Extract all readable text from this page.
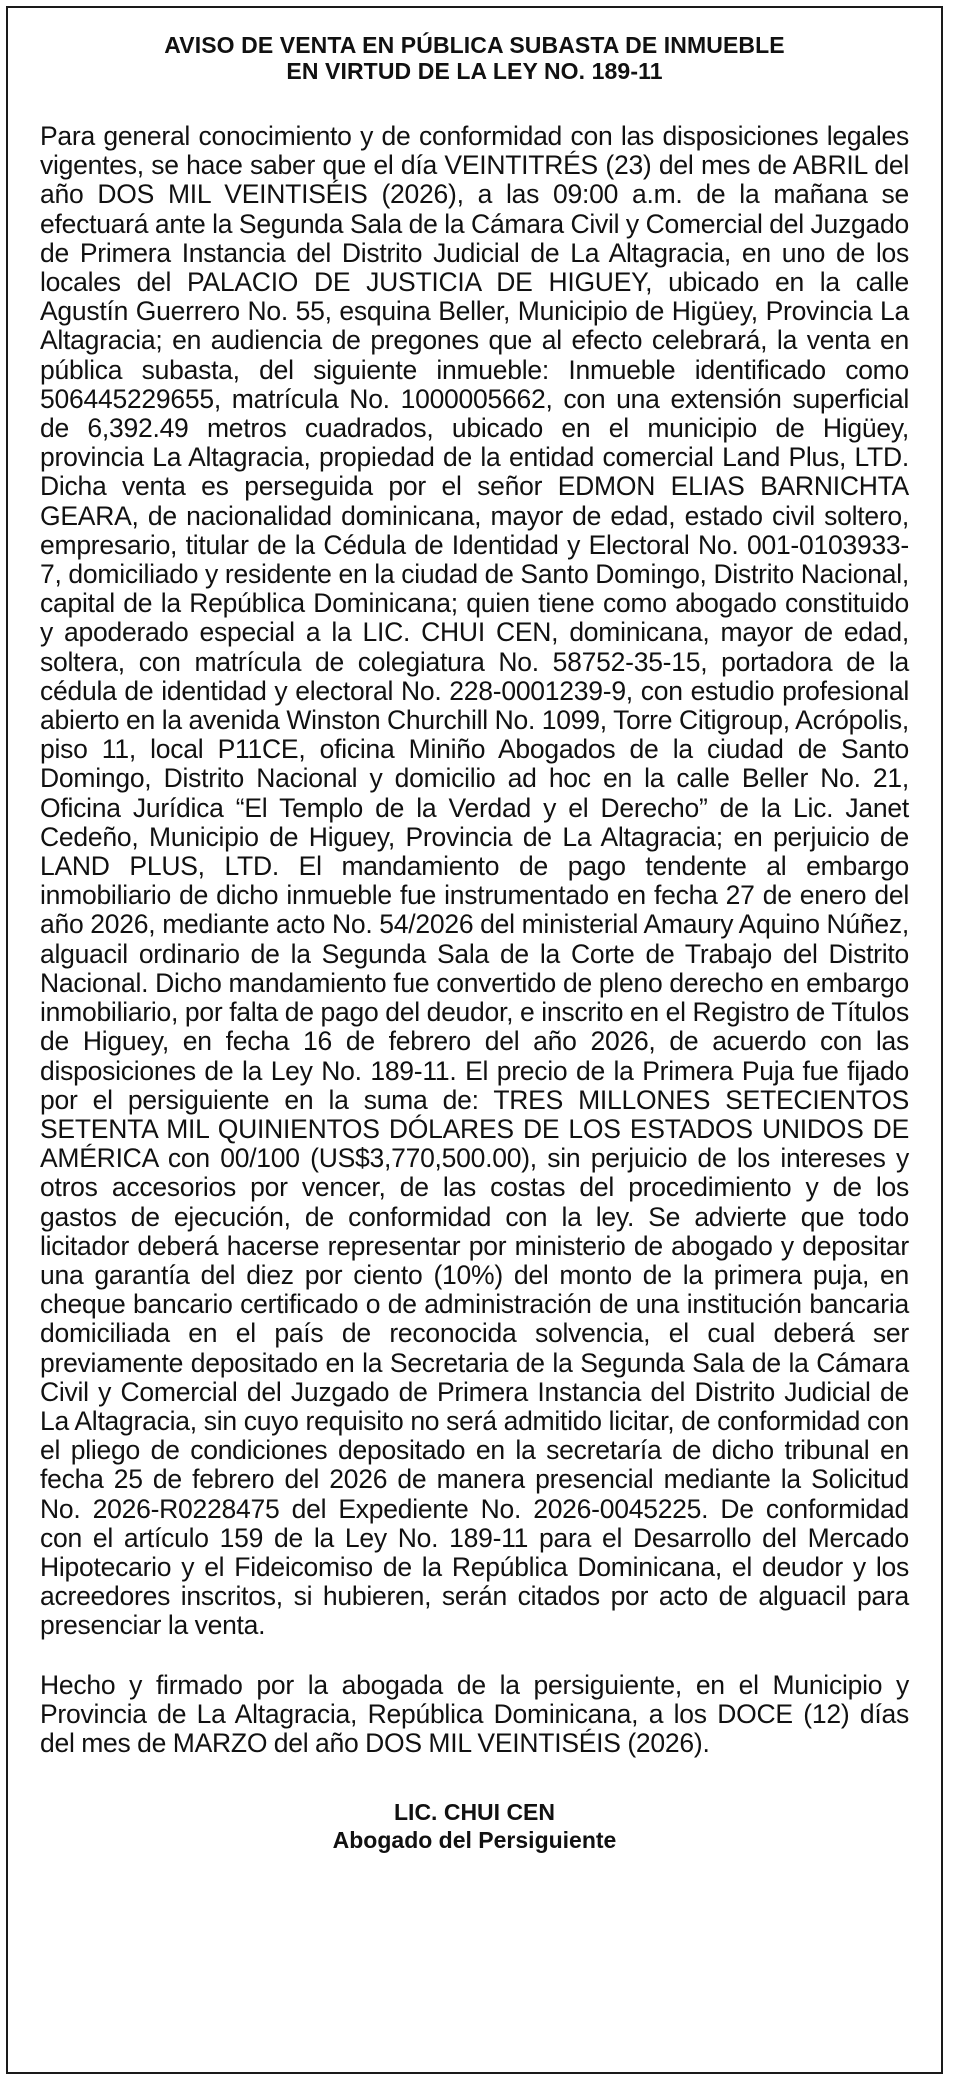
AVISO DE VENTA EN PÚBLICA SUBASTA DE INMUEBLE
EN VIRTUD DE LA LEY NO. 189-11

Para general conocimiento y de conformidad con las disposiciones legales vigentes, se hace saber que el día VEINTITRÉS (23) del mes de ABRIL del año DOS MIL VEINTISÉIS (2026), a las 09:00 a.m. de la mañana se efectuará ante la Segunda Sala de la Cámara Civil y Comercial del Juzgado de Primera Instancia del Distrito Judicial de La Altagracia, en uno de los locales del PALACIO DE JUSTICIA DE HIGUEY, ubicado en la calle Agustín Guerrero No. 55, esquina Beller, Municipio de Higüey, Provincia La Altagracia; en audiencia de pregones que al efecto celebrará, la venta en pública subasta, del siguiente inmueble: Inmueble identificado como 506445229655, matrícula No. 1000005662, con una extensión superficial de 6,392.49 metros cuadrados, ubicado en el municipio de Higüey, provincia La Altagracia, propiedad de la entidad comercial Land Plus, LTD. Dicha venta es perseguida por el señor EDMON ELIAS BARNICHTA GEARA, de nacionalidad dominicana, mayor de edad, estado civil soltero, empresario, titular de la Cédula de Identidad y Electoral No. 001-0103933-7, domiciliado y residente en la ciudad de Santo Domingo, Distrito Nacional, capital de la República Dominicana; quien tiene como abogado constituido y apoderado especial a la LIC. CHUI CEN, dominicana, mayor de edad, soltera, con matrícula de colegiatura No. 58752-35-15, portadora de la cédula de identidad y electoral No. 228-0001239-9, con estudio profesional abierto en la avenida Winston Churchill No. 1099, Torre Citigroup, Acrópolis, piso 11, local P11CE, oficina Miniño Abogados de la ciudad de Santo Domingo, Distrito Nacional y domicilio ad hoc en la calle Beller No. 21, Oficina Jurídica “El Templo de la Verdad y el Derecho” de la Lic. Janet Cedeño, Municipio de Higuey, Provincia de La Altagracia; en perjuicio de LAND PLUS, LTD. El mandamiento de pago tendente al embargo inmobiliario de dicho inmueble fue instrumentado en fecha 27 de enero del año 2026, mediante acto No. 54/2026 del ministerial Amaury Aquino Núñez, alguacil ordinario de la Segunda Sala de la Corte de Trabajo del Distrito Nacional. Dicho mandamiento fue convertido de pleno derecho en embargo inmobiliario, por falta de pago del deudor, e inscrito en el Registro de Títulos de Higuey, en fecha 16 de febrero del año 2026, de acuerdo con las disposiciones de la Ley No. 189-11. El precio de la Primera Puja fue fijado por el persiguiente en la suma de: TRES MILLONES SETECIENTOS SETENTA MIL QUINIENTOS DÓLARES DE LOS ESTADOS UNIDOS DE AMÉRICA con 00/100 (US$3,770,500.00), sin perjuicio de los intereses y otros accesorios por vencer, de las costas del procedimiento y de los gastos de ejecución, de conformidad con la ley. Se advierte que todo licitador deberá hacerse representar por ministerio de abogado y depositar una garantía del diez por ciento (10%) del monto de la primera puja, en cheque bancario certificado o de administración de una institución bancaria domiciliada en el país de reconocida solvencia, el cual deberá ser previamente depositado en la Secretaria de la Segunda Sala de la Cámara Civil y Comercial del Juzgado de Primera Instancia del Distrito Judicial de La Altagracia, sin cuyo requisito no será admitido licitar, de conformidad con el pliego de condiciones depositado en la secretaría de dicho tribunal en fecha 25 de febrero del 2026 de manera presencial mediante la Solicitud No. 2026-R0228475 del Expediente No. 2026-0045225. De conformidad con el artículo 159 de la Ley No. 189-11 para el Desarrollo del Mercado Hipotecario y el Fideicomiso de la República Dominicana, el deudor y los acreedores inscritos, si hubieren, serán citados por acto de alguacil para presenciar la venta.

Hecho y firmado por la abogada de la persiguiente, en el Municipio y Provincia de La Altagracia, República Dominicana, a los DOCE (12) días del mes de MARZO del año DOS MIL VEINTISÉIS (2026).

LIC. CHUI CEN
Abogado del Persiguiente
